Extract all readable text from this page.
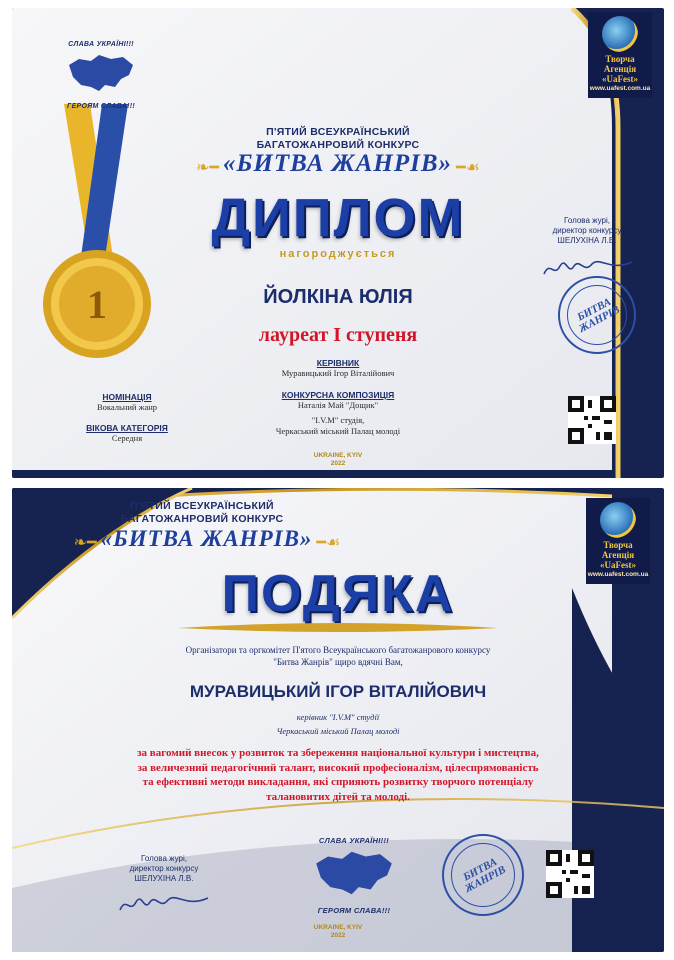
1
СЛАВА УКРАЇНІ!!!
ГЕРОЯМ СЛАВА!!!
Творча
Агенція
«UaFest»
www.uafest.com.ua
П'ЯТИЙ ВСЕУКРАЇНСЬКИЙ
БАГАТОЖАНРОВИЙ КОНКУРС
❧━ «БИТВА ЖАНРІВ» ━☙
ДИПЛОМ
нагороджується
ЙОЛКІНА ЮЛІЯ
лауреат І ступеня
КЕРІВНИК
Муравицький Ігор Віталійович
КОНКУРСНА КОМПОЗИЦІЯ
Наталія Май "Дощик"
"І.V.M" студія,
Черкаський міський Палац молоді
НОМІНАЦІЯ
Вокальний жанр
ВІКОВА КАТЕГОРІЯ
Середня
UKRAINE, KYIV
2022
Голова журі,
директор конкурсу
ШЕЛУХІНА Л.В.
БИТВА ЖАНРІВ
Творча
Агенція
«UaFest»
www.uafest.com.ua
П'ЯТИЙ ВСЕУКРАЇНСЬКИЙ
БАГАТОЖАНРОВИЙ КОНКУРС
❧━ «БИТВА ЖАНРІВ» ━☙
ПОДЯКА
Організатори та оргкомітет П'ятого Всеукраїнського багатожанрового конкурсу
"Битва Жанрів" щиро вдячні Вам,
МУРАВИЦЬКИЙ ІГОР ВІТАЛІЙОВИЧ
керівник "І.V.M" студії
Черкаський міський Палац молоді
за вагомий внесок у розвиток та збереження національної культури і мистецтва,
за величезний педагогічний талант, високий професіоналізм, цілеспрямованість
та ефективні методи викладання, які сприяють розвитку творчого потенціалу
талановитих дітей та молоді.
Голова журі,
директор конкурсу
ШЕЛУХІНА Л.В.
СЛАВА УКРАЇНІ!!!
ГЕРОЯМ СЛАВА!!!
UKRAINE, KYIV
2022
БИТВА ЖАНРІВ
